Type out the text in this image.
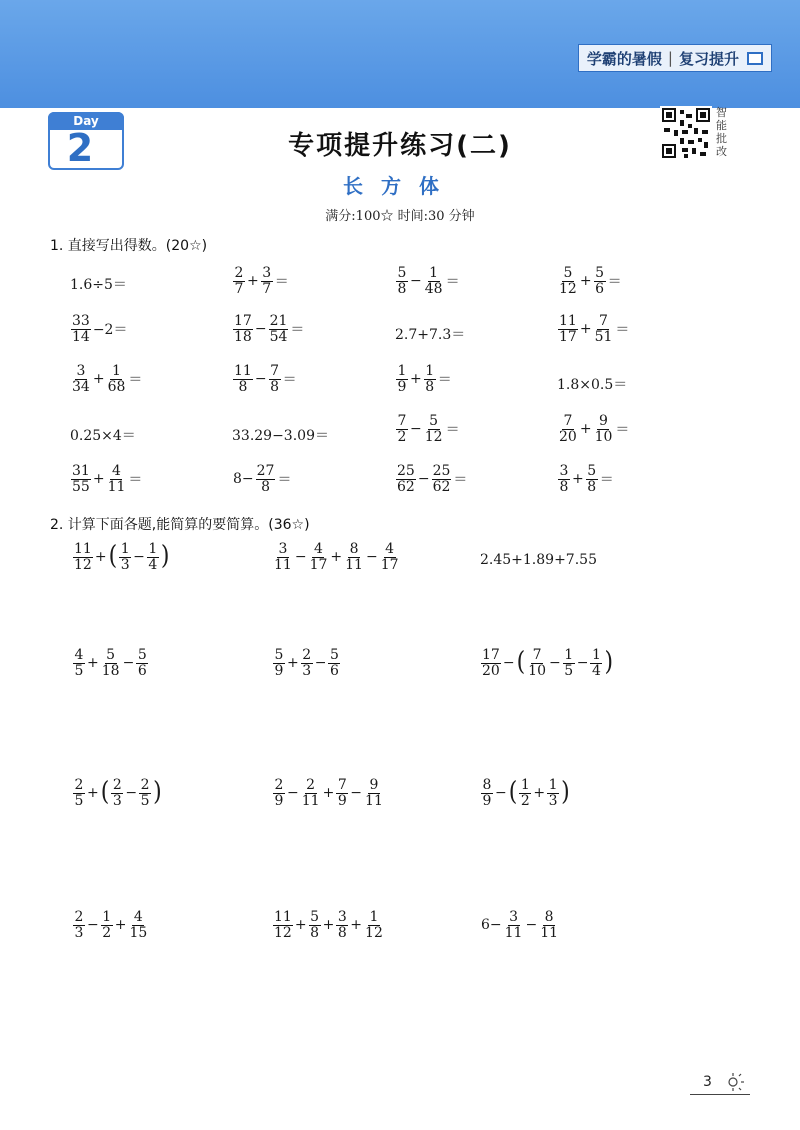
学霸的暑假 | 复习提升
Day
2	专项提升练习(二)
长方体
满分:100☆ 时间:30 分钟
智
能
批
改
1. 直接写出得数。(20☆)
1.6÷5＝	$\frac{2}{7} + \frac{3}{7}$ ＝	$\frac{5}{8} - \frac{1}{48}$ ＝	$\frac{5}{12} + \frac{5}{6}$ ＝
$\frac{33}{14} -2=$	$\frac{17}{18} - \frac{21}{54}$ ＝	2.7+7.3＝	$\frac{11}{17} + \frac{7}{51}$ ＝
$\frac{3}{34} + \frac{1}{68}$ ＝	$\frac{11}{8} - \frac{7}{8}$ ＝	$\frac{1}{9} + \frac{1}{8}$ ＝	1.8×0.5＝
0.25×4＝	33.29−3.09＝	$\frac{7}{2} - \frac{5}{12}$ ＝	$\frac{7}{20} + \frac{9}{10}$ ＝
$\frac{31}{55} + \frac{4}{11}$ ＝	$8- \frac{27}{8}$ ＝	$\frac{25}{62} - \frac{25}{62}$ ＝	$\frac{3}{8} + \frac{5}{8}$ ＝
2. 计算下面各题,能简算的要简算。(36☆)
$\frac{11}{12}$ + ( $\frac{1}{3} - \frac{1}{4}$ )	$\frac{3}{11} - \frac{4}{17} + \frac{8}{11} - \frac{4}{17}$	2.45+1.89+7.55
$\frac{4}{5} + \frac{5}{18} - \frac{5}{6}$	$\frac{5}{9} + \frac{2}{3} - \frac{5}{6}$	$\frac{17}{20}$ − ( $\frac{7}{10} - \frac{1}{5} - \frac{1}{4}$ )
$\frac{2}{5}$ + ( $\frac{2}{3} - \frac{2}{5}$ )	$\frac{2}{9} - \frac{2}{11} + \frac{7}{9} - \frac{9}{11}$	$\frac{8}{9}$ − ( $\frac{1}{2} + \frac{1}{3}$ )
$\frac{2}{3} - \frac{1}{2} + \frac{4}{15}$	$\frac{11}{12} + \frac{5}{8} + \frac{3}{8} + \frac{1}{12}$	$6- \frac{3}{11} - \frac{8}{11}$
3
